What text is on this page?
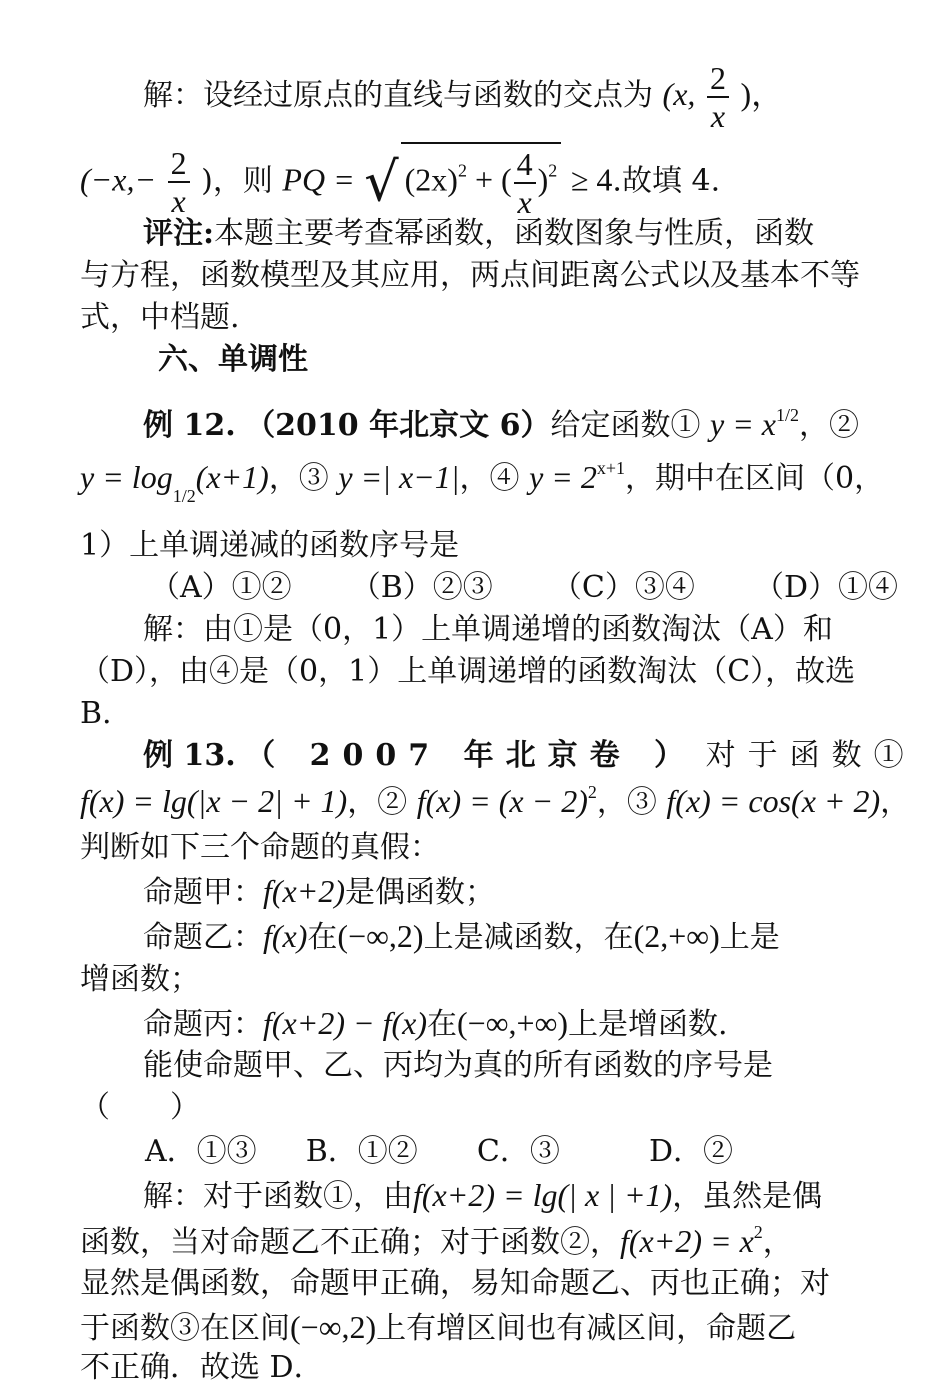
解：设经过原点的直线与函数的交点为 (x, $\frac{2}{x}$ )，
($-x,- \frac{2}{x}$ )，则 PQ = √ $(2x)^2$ + ( $\frac{4}{x} )^2 \ge 4$.故填 4.
评注:本题主要考查幂函数，函数图象与性质，函数
与方程，函数模型及其应用，两点间距离公式以及基本不等
式，中档题.
六、单调性
例 12. （2010 年北京文 6）给定函数① $y = x^{1/2}$，②
$y = \log_{1/2}(x+1)$，③ y =| x−1|，④ $y = 2^{x+1}$，期中在区间（0，
1）上单调递减的函数序号是
（A）①② （B）②③ （C）③④ （D）①④
解：由①是（0，1）上单调递增的函数淘汰（A）和
（D），由④是（0，1）上单调递增的函数淘汰（C），故选
B.
例 13. （ 2007 年北京卷 ） 对于函数①
f(x) = lg(|x − 2| + 1)，② $f(x) = (x - 2)^2$，③ f(x) = cos(x + 2)，
判断如下三个命题的真假：
命题甲：f(x+2)是偶函数；
命题乙：f(x)在(−∞,2)上是减函数，在(2,+∞)上是
增函数；
命题丙：f(x+2) − f(x)在(−∞,+∞)上是增函数.
能使命题甲、乙、丙均为真的所有函数的序号是
（　　）
A．①③ B．①② C．③	D．②
解：对于函数①，由f(x+2) = lg(| x | +1)，虽然是偶
函数，当对命题乙不正确；对于函数②，$f(x+2) = x^2$，
显然是偶函数，命题甲正确，易知命题乙、丙也正确；对
于函数③在区间(−∞,2)上有增区间也有减区间，命题乙
不正确．故选 D．
